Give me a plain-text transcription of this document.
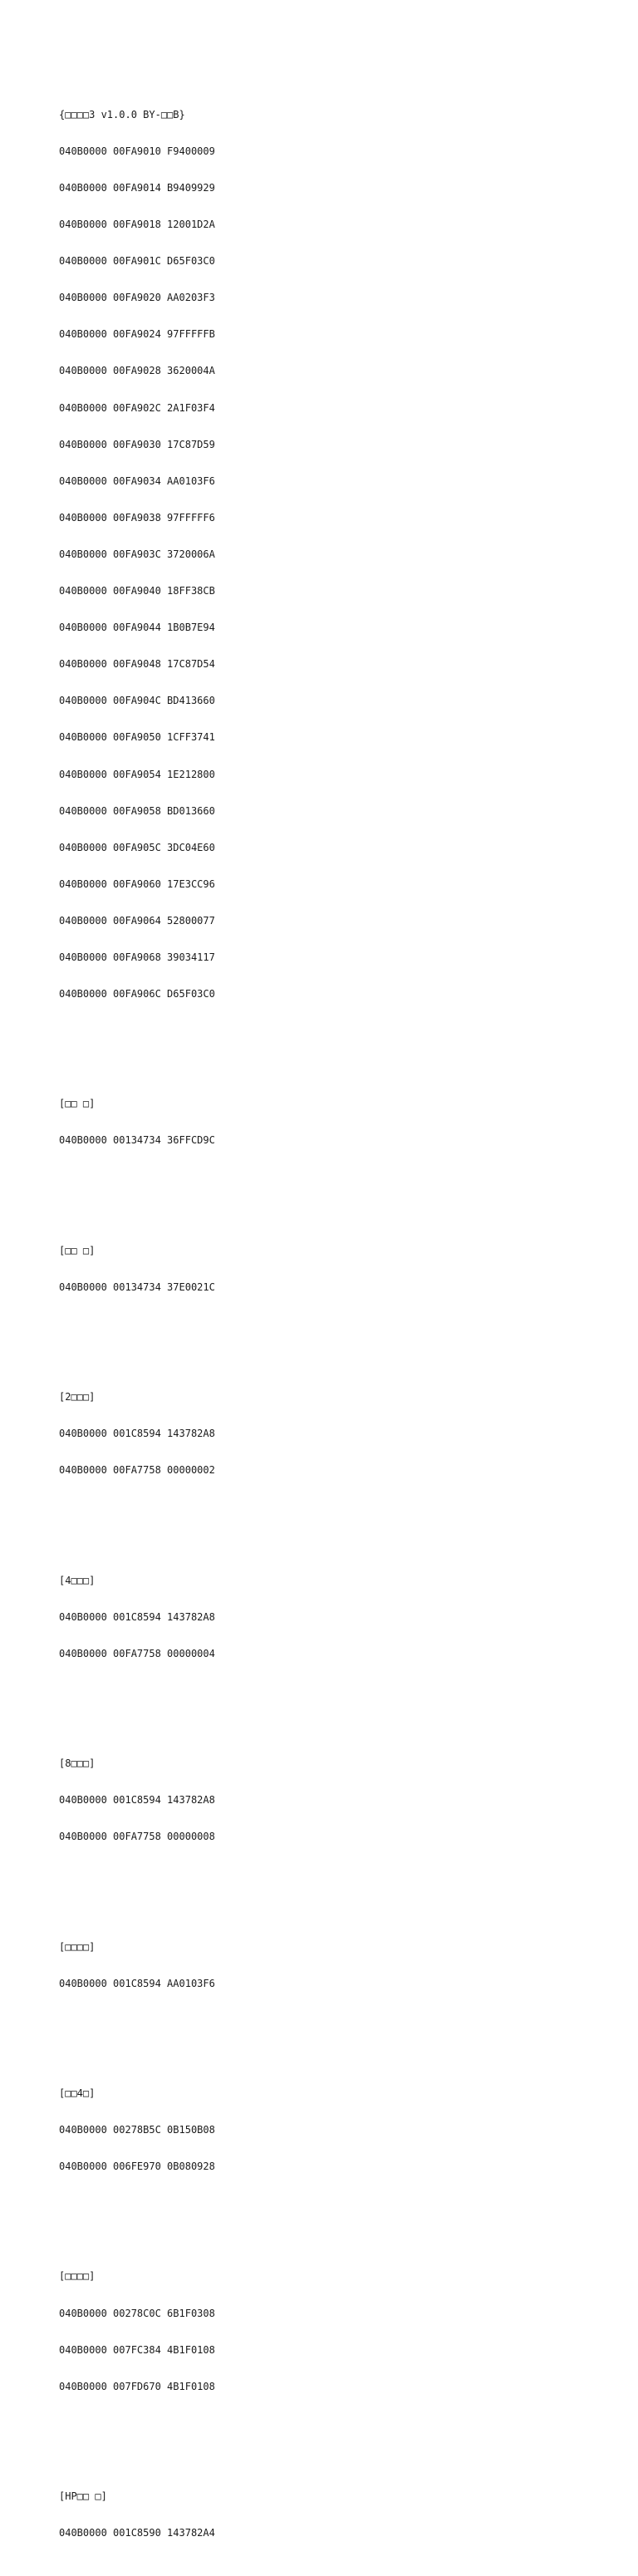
{□□□□3 v1.0.0 BY-□□B}

040B0000 00FA9010 F9400009

040B0000 00FA9014 B9409929

040B0000 00FA9018 12001D2A

040B0000 00FA901C D65F03C0

040B0000 00FA9020 AA0203F3

040B0000 00FA9024 97FFFFFB

040B0000 00FA9028 3620004A

040B0000 00FA902C 2A1F03F4

040B0000 00FA9030 17C87D59

040B0000 00FA9034 AA0103F6

040B0000 00FA9038 97FFFFF6

040B0000 00FA903C 3720006A

040B0000 00FA9040 18FF38CB

040B0000 00FA9044 1B0B7E94

040B0000 00FA9048 17C87D54

040B0000 00FA904C BD413660

040B0000 00FA9050 1CFF3741

040B0000 00FA9054 1E212800

040B0000 00FA9058 BD013660

040B0000 00FA905C 3DC04E60

040B0000 00FA9060 17E3CC96

040B0000 00FA9064 52800077

040B0000 00FA9068 39034117

040B0000 00FA906C D65F03C0

[□□ □]

040B0000 00134734 36FFCD9C

[□□ □]

040B0000 00134734 37E0021C

[2□□□]

040B0000 001C8594 143782A8

040B0000 00FA7758 00000002

[4□□□]

040B0000 001C8594 143782A8

040B0000 00FA7758 00000004

[8□□□]

040B0000 001C8594 143782A8

040B0000 00FA7758 00000008

[□□□□]

040B0000 001C8594 AA0103F6

[□□4□]

040B0000 00278B5C 0B150B08

040B0000 006FE970 0B080928

[□□□□]

040B0000 00278C0C 6B1F0308

040B0000 007FC384 4B1F0108

040B0000 007FD670 4B1F0108

[HP□□ □]

040B0000 001C8590 143782A4
